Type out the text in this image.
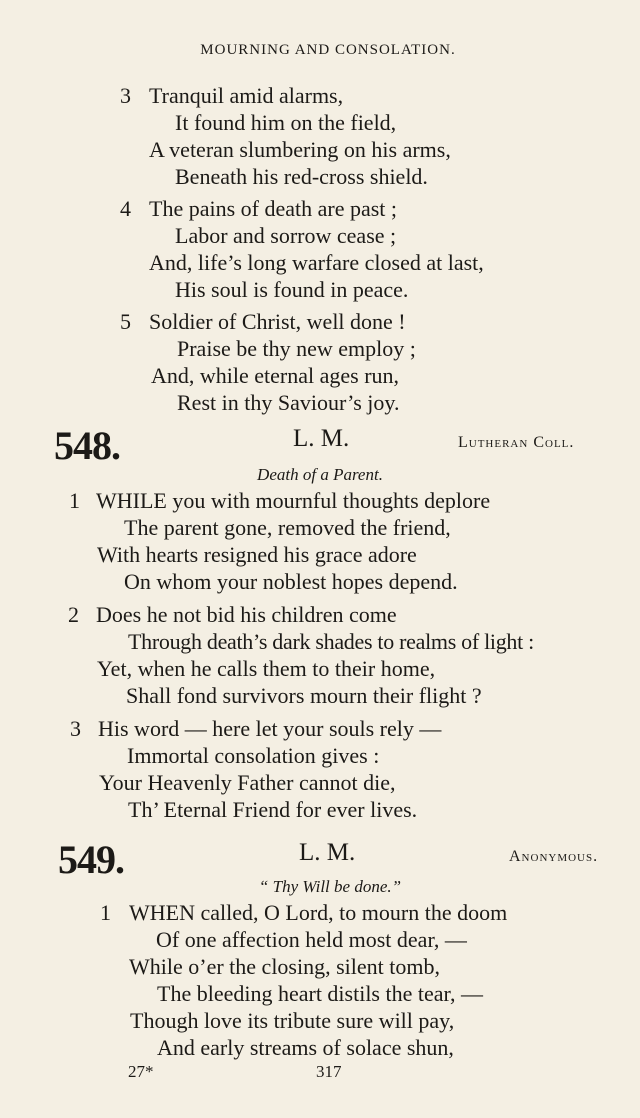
MOURNING AND CONSOLATION.
3 Tranquil amid alarms,
It found him on the field,
A veteran slumbering on his arms,
Beneath his red-cross shield.
4 The pains of death are past ;
Labor and sorrow cease ;
And, life’s long warfare closed at last,
His soul is found in peace.
5 Soldier of Christ, well done !
Praise be thy new employ ;
And, while eternal ages run,
Rest in thy Saviour’s joy.
548.	L. M.	Lutheran Coll.
Death of a Parent.
1 WHILE you with mournful thoughts deplore
The parent gone, removed the friend,
With hearts resigned his grace adore
On whom your noblest hopes depend.
2 Does he not bid his children come
Through death’s dark shades to realms of light :
Yet, when he calls them to their home,
Shall fond survivors mourn their flight ?
3 His word — here let your souls rely —
Immortal consolation gives :
Your Heavenly Father cannot die,
Th’ Eternal Friend for ever lives.
549.	L. M.	Anonymous.
“ Thy Will be done.”
1 WHEN called, O Lord, to mourn the doom
Of one affection held most dear, —
While o’er the closing, silent tomb,
The bleeding heart distils the tear, —
Though love its tribute sure will pay,
And early streams of solace shun,
27*	317
